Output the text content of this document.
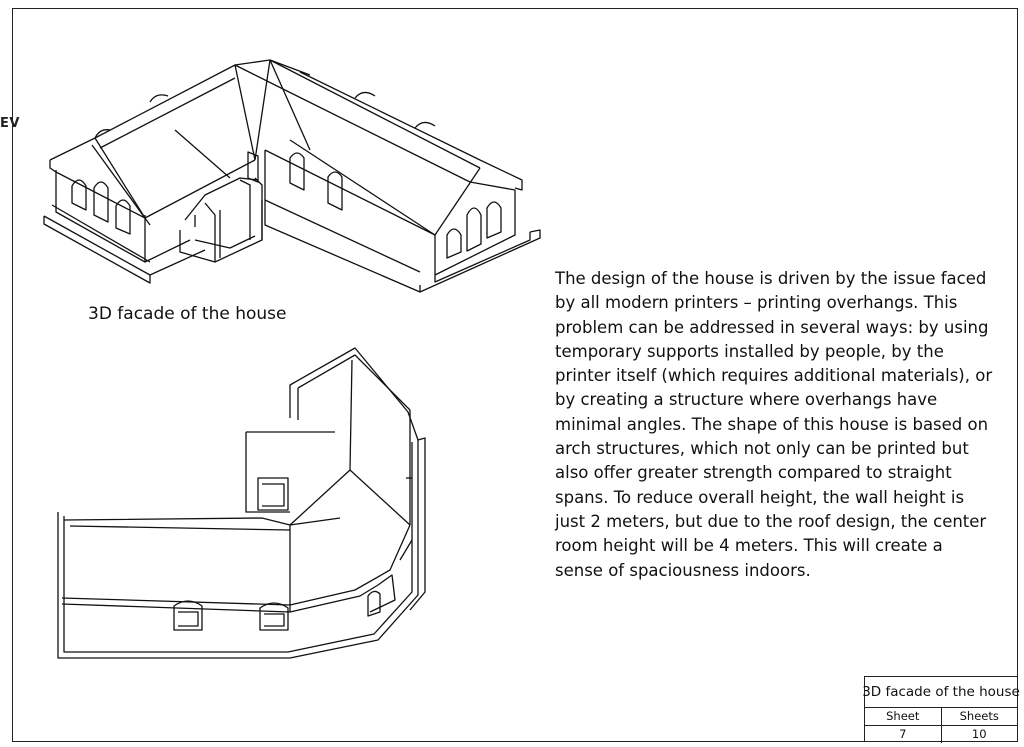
EV
3D facade of the house
The design of the house is driven by the issue faced by all modern printers – printing overhangs. This problem can be addressed in several ways: by using temporary supports installed by people, by the printer itself (which requires additional materials), or by creating a structure where overhangs have minimal angles. The shape of this house is based on arch structures, which not only can be printed but also offer greater strength compared to straight spans. To reduce overall height, the wall height is just 2 meters, but due to the roof design, the center room height will be 4 meters. This will create a sense of spaciousness indoors.
3D facade of the house
Sheet	Sheets
7	10
